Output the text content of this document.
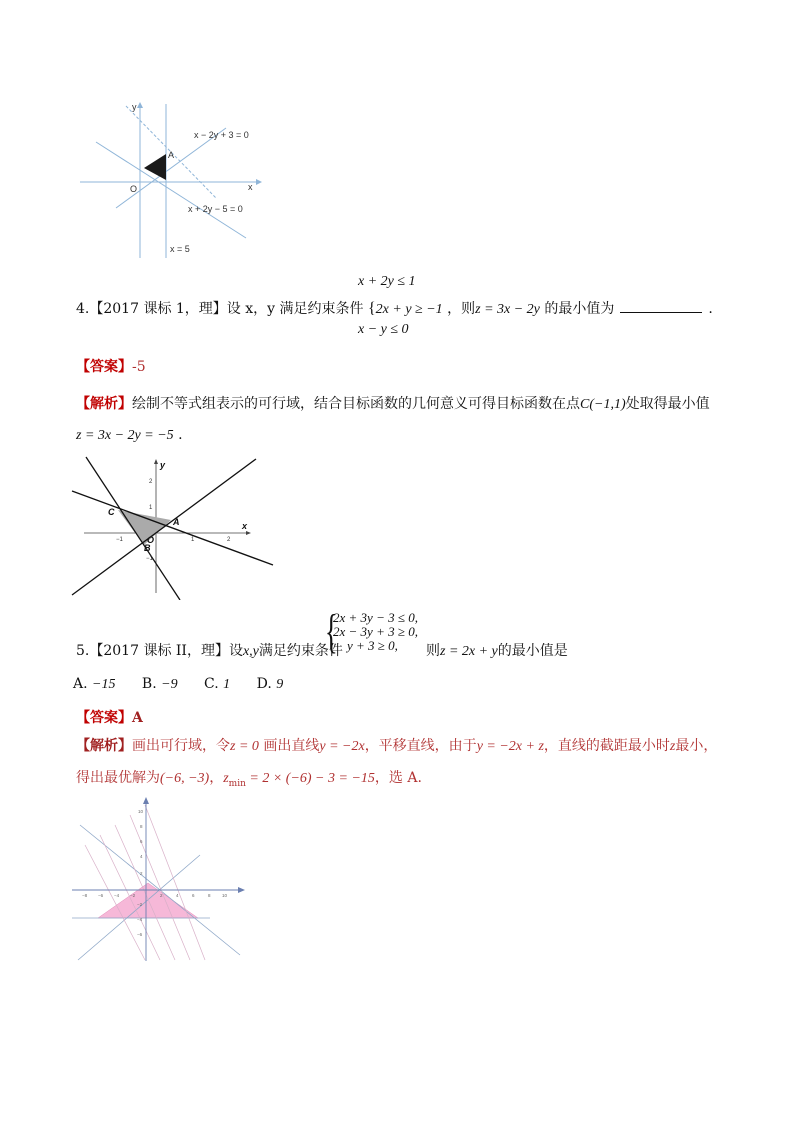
A
O	x
y
x − 2y + 3 = 0
x + 2y − 5 = 0
x = 5
x + 2y ≤ 1
4.【2017 课标 1，理】设 x，y 满足约束条件 {2x + y ≥ −1 ，则z = 3x − 2y 的最小值为	.
x − y ≤ 0
【答案】-5
【解析】绘制不等式组表示的可行域，结合目标函数的几何意义可得目标函数在点C(−1,1)处取得最小值
z = 3x − 2y = −5 .
C
A
B
O
x
y
1
2
−1
−1	1	2
5.【2017 课标 II，理】设x,y满足约束条件
{
2x + 3y − 3 ≤ 0,
2x − 3y + 3 ≥ 0,
y + 3 ≥ 0,	则z = 2x + y的最小值是
A. −15 B. −9 C. 1 D. 9
【答案】A
【解析】画出可行域，令z = 0 画出直线y = −2x，平移直线，由于y = −2x + z，直线的截距最小时z最小，
得出最优解为(−6, −3)，$z_{min} = 2 \times (-6) - 3 = -15$，选 A.
10
8
6
4
2
−2
−4
−6
−8 −6 −4 −2	2	4	6	8	10
